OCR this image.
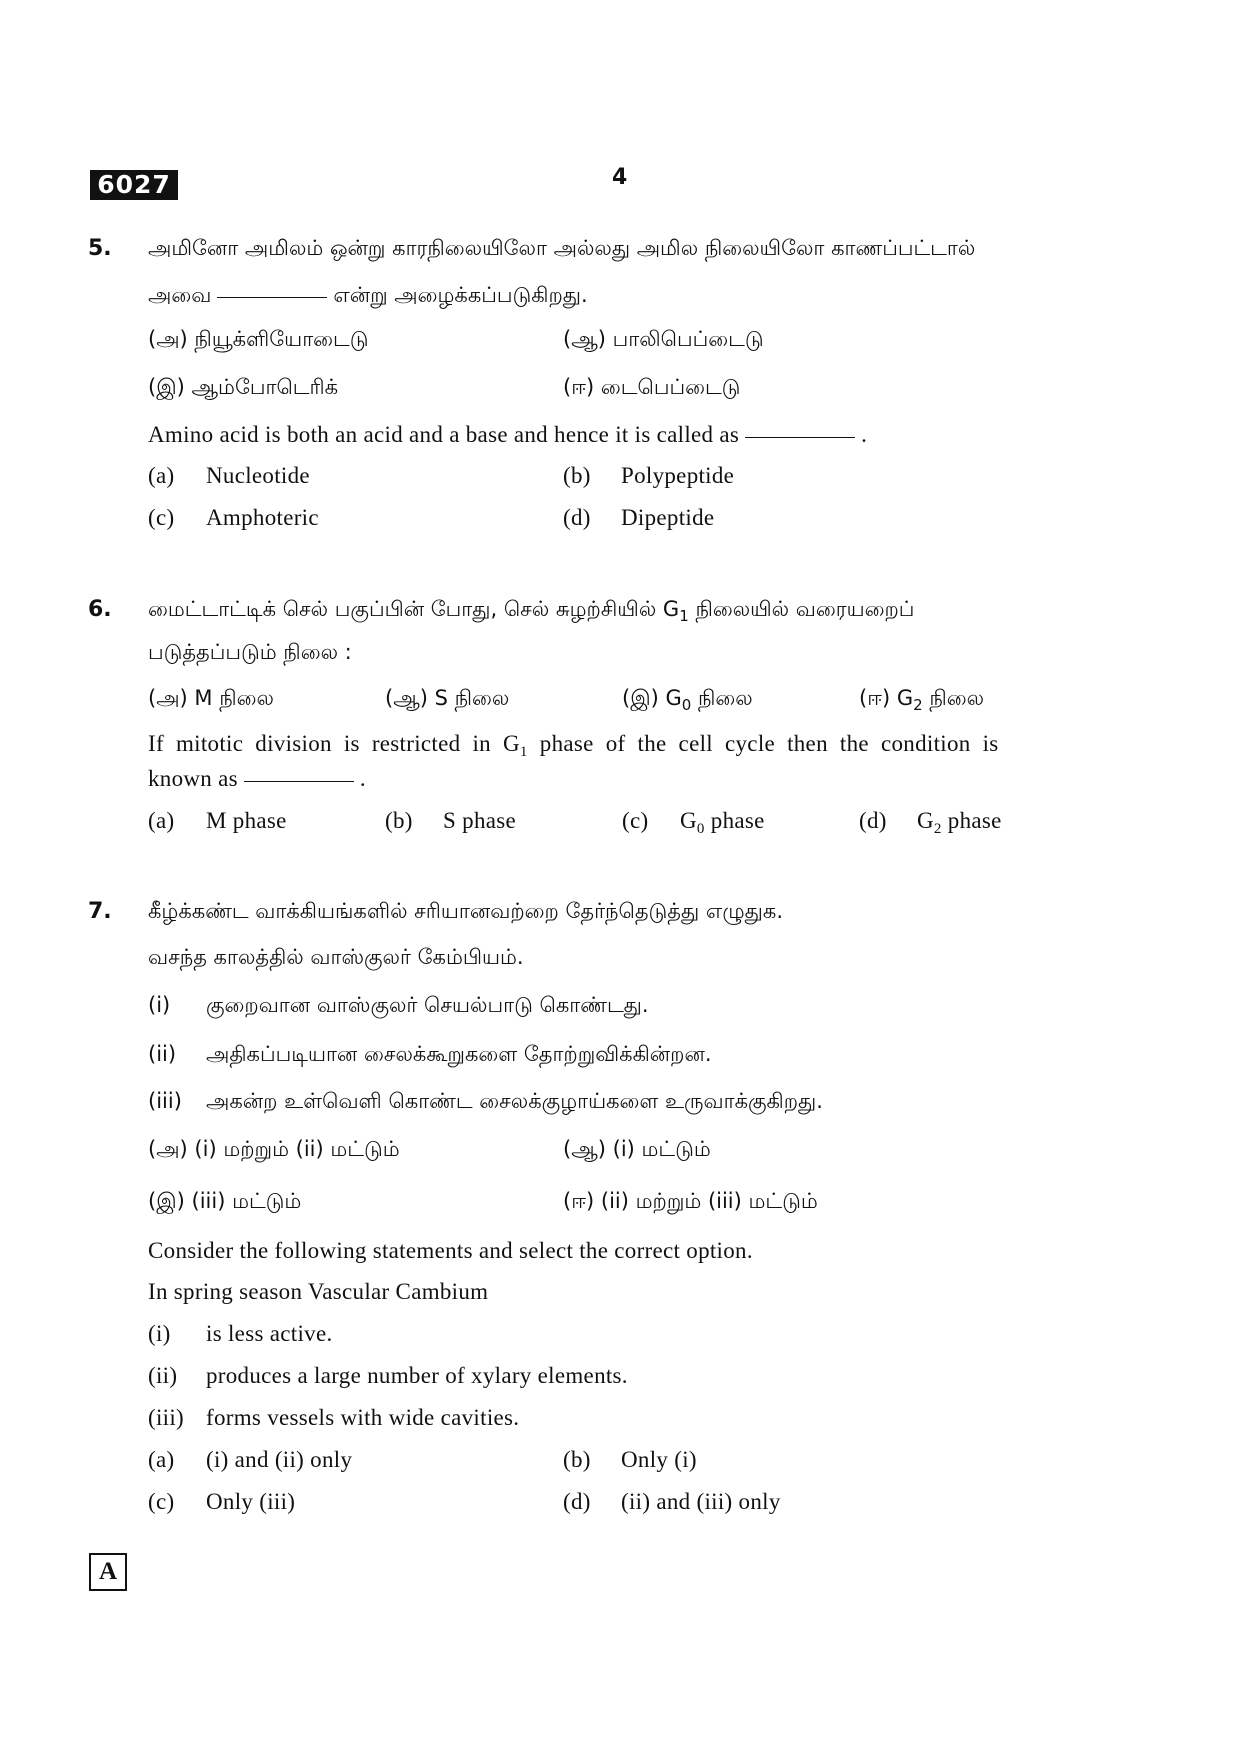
6027	4
5. அமினோ அமிலம் ஒன்று காரநிலையிலோ அல்லது அமில நிலையிலோ காணப்பட்டால்
அவை	என்று அழைக்கப்படுகிறது.
(அ) நியூக்ளியோடைடு	(ஆ) பாலிபெப்டைடு
(இ) ஆம்போடெரிக்	(ஈ) டைபெப்டைடு
Amino acid is both an acid and a base and hence it is called as	.
(a) Nucleotide	(b) Polypeptide
(c) Amphoteric	(d) Dipeptide
6. மைட்டாட்டிக் செல் பகுப்பின் போது, செல் சுழற்சியில் $G_1$ நிலையில் வரையறைப்
படுத்தப்படும் நிலை :
(அ) M நிலை	(ஆ) S நிலை	(இ) $G_0$ நிலை	(ஈ) $G_2$ நிலை
If mitotic division is restricted in $G_1$ phase of the cell cycle then the condition is
known as	.
(a) M phase	(b) S phase	(c) $G_0$ phase	(d) $G_2$ phase
7. கீழ்க்கண்ட வாக்கியங்களில் சரியானவற்றை தேர்ந்தெடுத்து எழுதுக.
வசந்த காலத்தில் வாஸ்குலர் கேம்பியம்.
(i) குறைவான வாஸ்குலர் செயல்பாடு கொண்டது.
(ii) அதிகப்படியான சைலக்கூறுகளை தோற்றுவிக்கின்றன.
(iii) அகன்ற உள்வெளி கொண்ட சைலக்குழாய்களை உருவாக்குகிறது.
(அ) (i) மற்றும் (ii) மட்டும்	(ஆ) (i) மட்டும்
(இ) (iii) மட்டும்	(ஈ) (ii) மற்றும் (iii) மட்டும்
Consider the following statements and select the correct option.
In spring season Vascular Cambium
(i) is less active.
(ii) produces a large number of xylary elements.
(iii) forms vessels with wide cavities.
(a) (i) and (ii) only	(b) Only (i)
(c) Only (iii)	(d) (ii) and (iii) only
A
